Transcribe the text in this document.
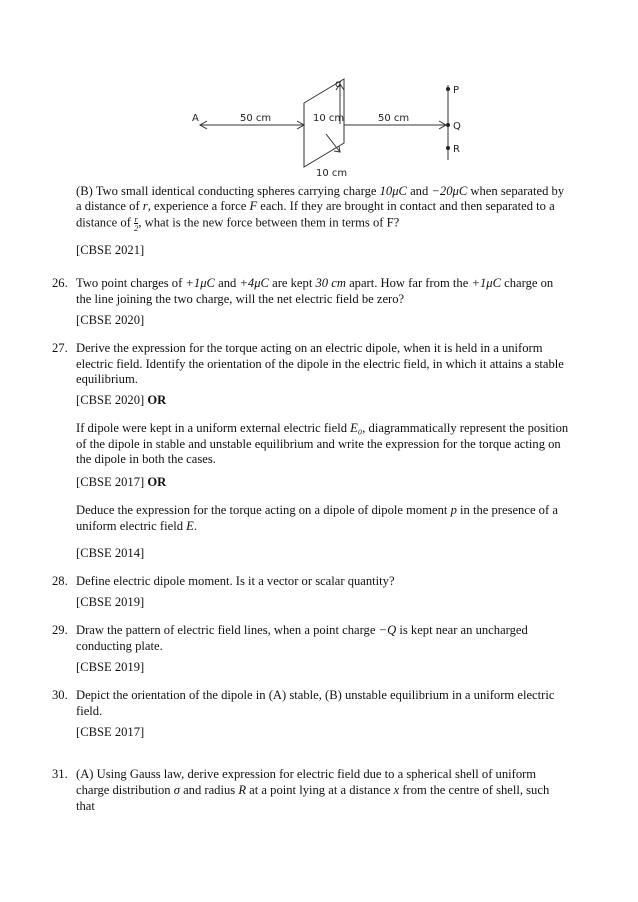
σ
A	50 cm	10 cm	50 cm
P
Q
R
10 cm
(B) Two small identical conducting spheres carrying charge 10μC and −20μC when separated by
a distance of r, experience a force F each. If they are brought in contact and then separated to a
distance of $\frac{r}{2}$ , what is the new force between them in terms of F?
[CBSE 2021]
26. Two point charges of +1μC and +4μC are kept 30 cm apart. How far from the +1μC charge on
the line joining the two charge, will the net electric field be zero?
[CBSE 2020]
27. Derive the expression for the torque acting on an electric dipole, when it is held in a uniform
electric field. Identify the orientation of the dipole in the electric field, in which it attains a stable
equilibrium.
[CBSE 2020] OR
If dipole were kept in a uniform external electric field E₀, diagrammatically represent the position
of the dipole in stable and unstable equilibrium and write the expression for the torque acting on
the dipole in both the cases.
[CBSE 2017] OR
Deduce the expression for the torque acting on a dipole of dipole moment p in the presence of a
uniform electric field E.
[CBSE 2014]
28. Define electric dipole moment. Is it a vector or scalar quantity?
[CBSE 2019]
29. Draw the pattern of electric field lines, when a point charge −Q is kept near an uncharged
conducting plate.
[CBSE 2019]
30. Depict the orientation of the dipole in (A) stable, (B) unstable equilibrium in a uniform electric
field.
[CBSE 2017]
31. (A) Using Gauss law, derive expression for electric field due to a spherical shell of uniform
charge distribution σ and radius R at a point lying at a distance x from the centre of shell, such
that
